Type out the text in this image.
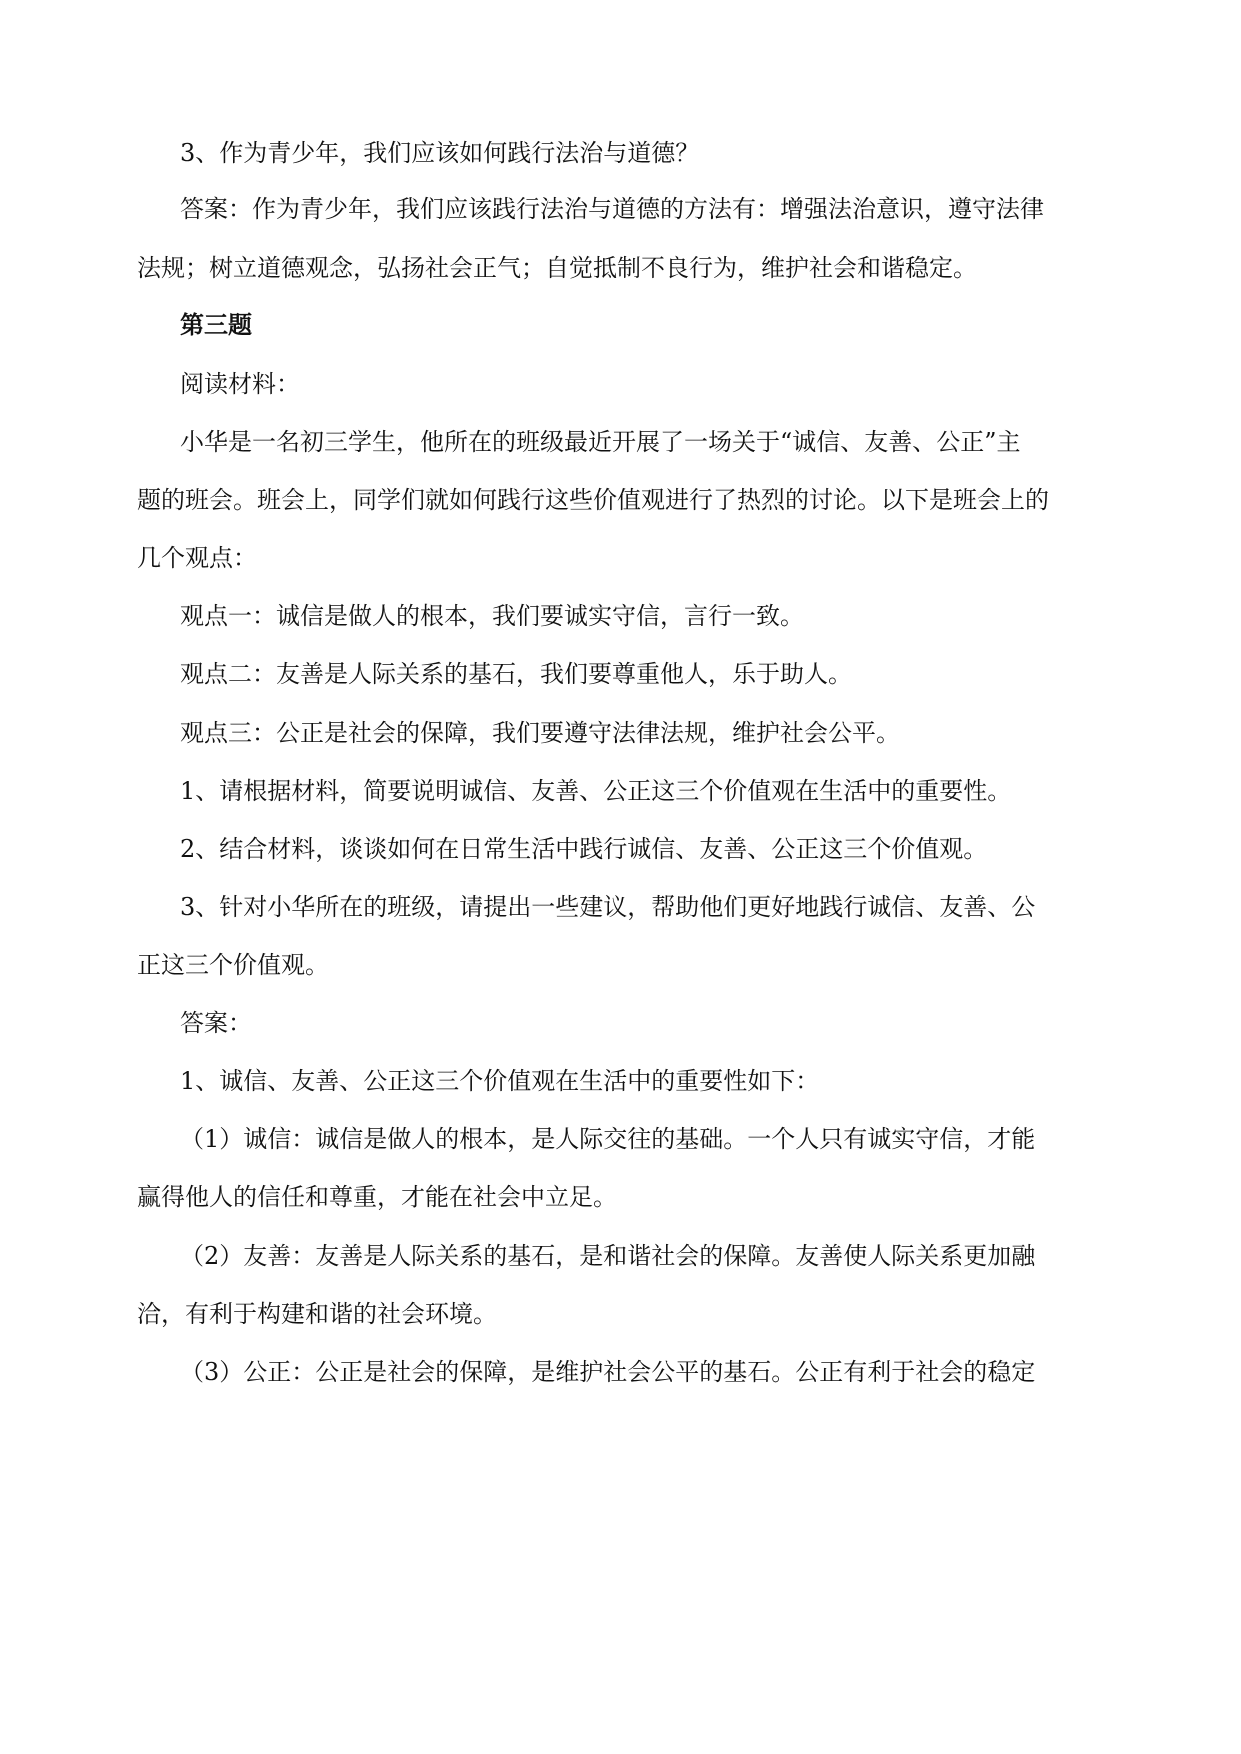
3、作为青少年，我们应该如何践行法治与道德？
答案：作为青少年，我们应该践行法治与道德的方法有：增强法治意识，遵守法律
法规；树立道德观念，弘扬社会正气；自觉抵制不良行为，维护社会和谐稳定。
第三题
阅读材料：
小华是一名初三学生，他所在的班级最近开展了一场关于“诚信、友善、公正”主
题的班会。班会上，同学们就如何践行这些价值观进行了热烈的讨论。以下是班会上的
几个观点：
观点一：诚信是做人的根本，我们要诚实守信，言行一致。
观点二：友善是人际关系的基石，我们要尊重他人，乐于助人。
观点三：公正是社会的保障，我们要遵守法律法规，维护社会公平。
1、请根据材料，简要说明诚信、友善、公正这三个价值观在生活中的重要性。
2、结合材料，谈谈如何在日常生活中践行诚信、友善、公正这三个价值观。
3、针对小华所在的班级，请提出一些建议，帮助他们更好地践行诚信、友善、公
正这三个价值观。
答案：
1、诚信、友善、公正这三个价值观在生活中的重要性如下：
（1）诚信：诚信是做人的根本，是人际交往的基础。一个人只有诚实守信，才能
赢得他人的信任和尊重，才能在社会中立足。
（2）友善：友善是人际关系的基石，是和谐社会的保障。友善使人际关系更加融
洽，有利于构建和谐的社会环境。
（3）公正：公正是社会的保障，是维护社会公平的基石。公正有利于社会的稳定
